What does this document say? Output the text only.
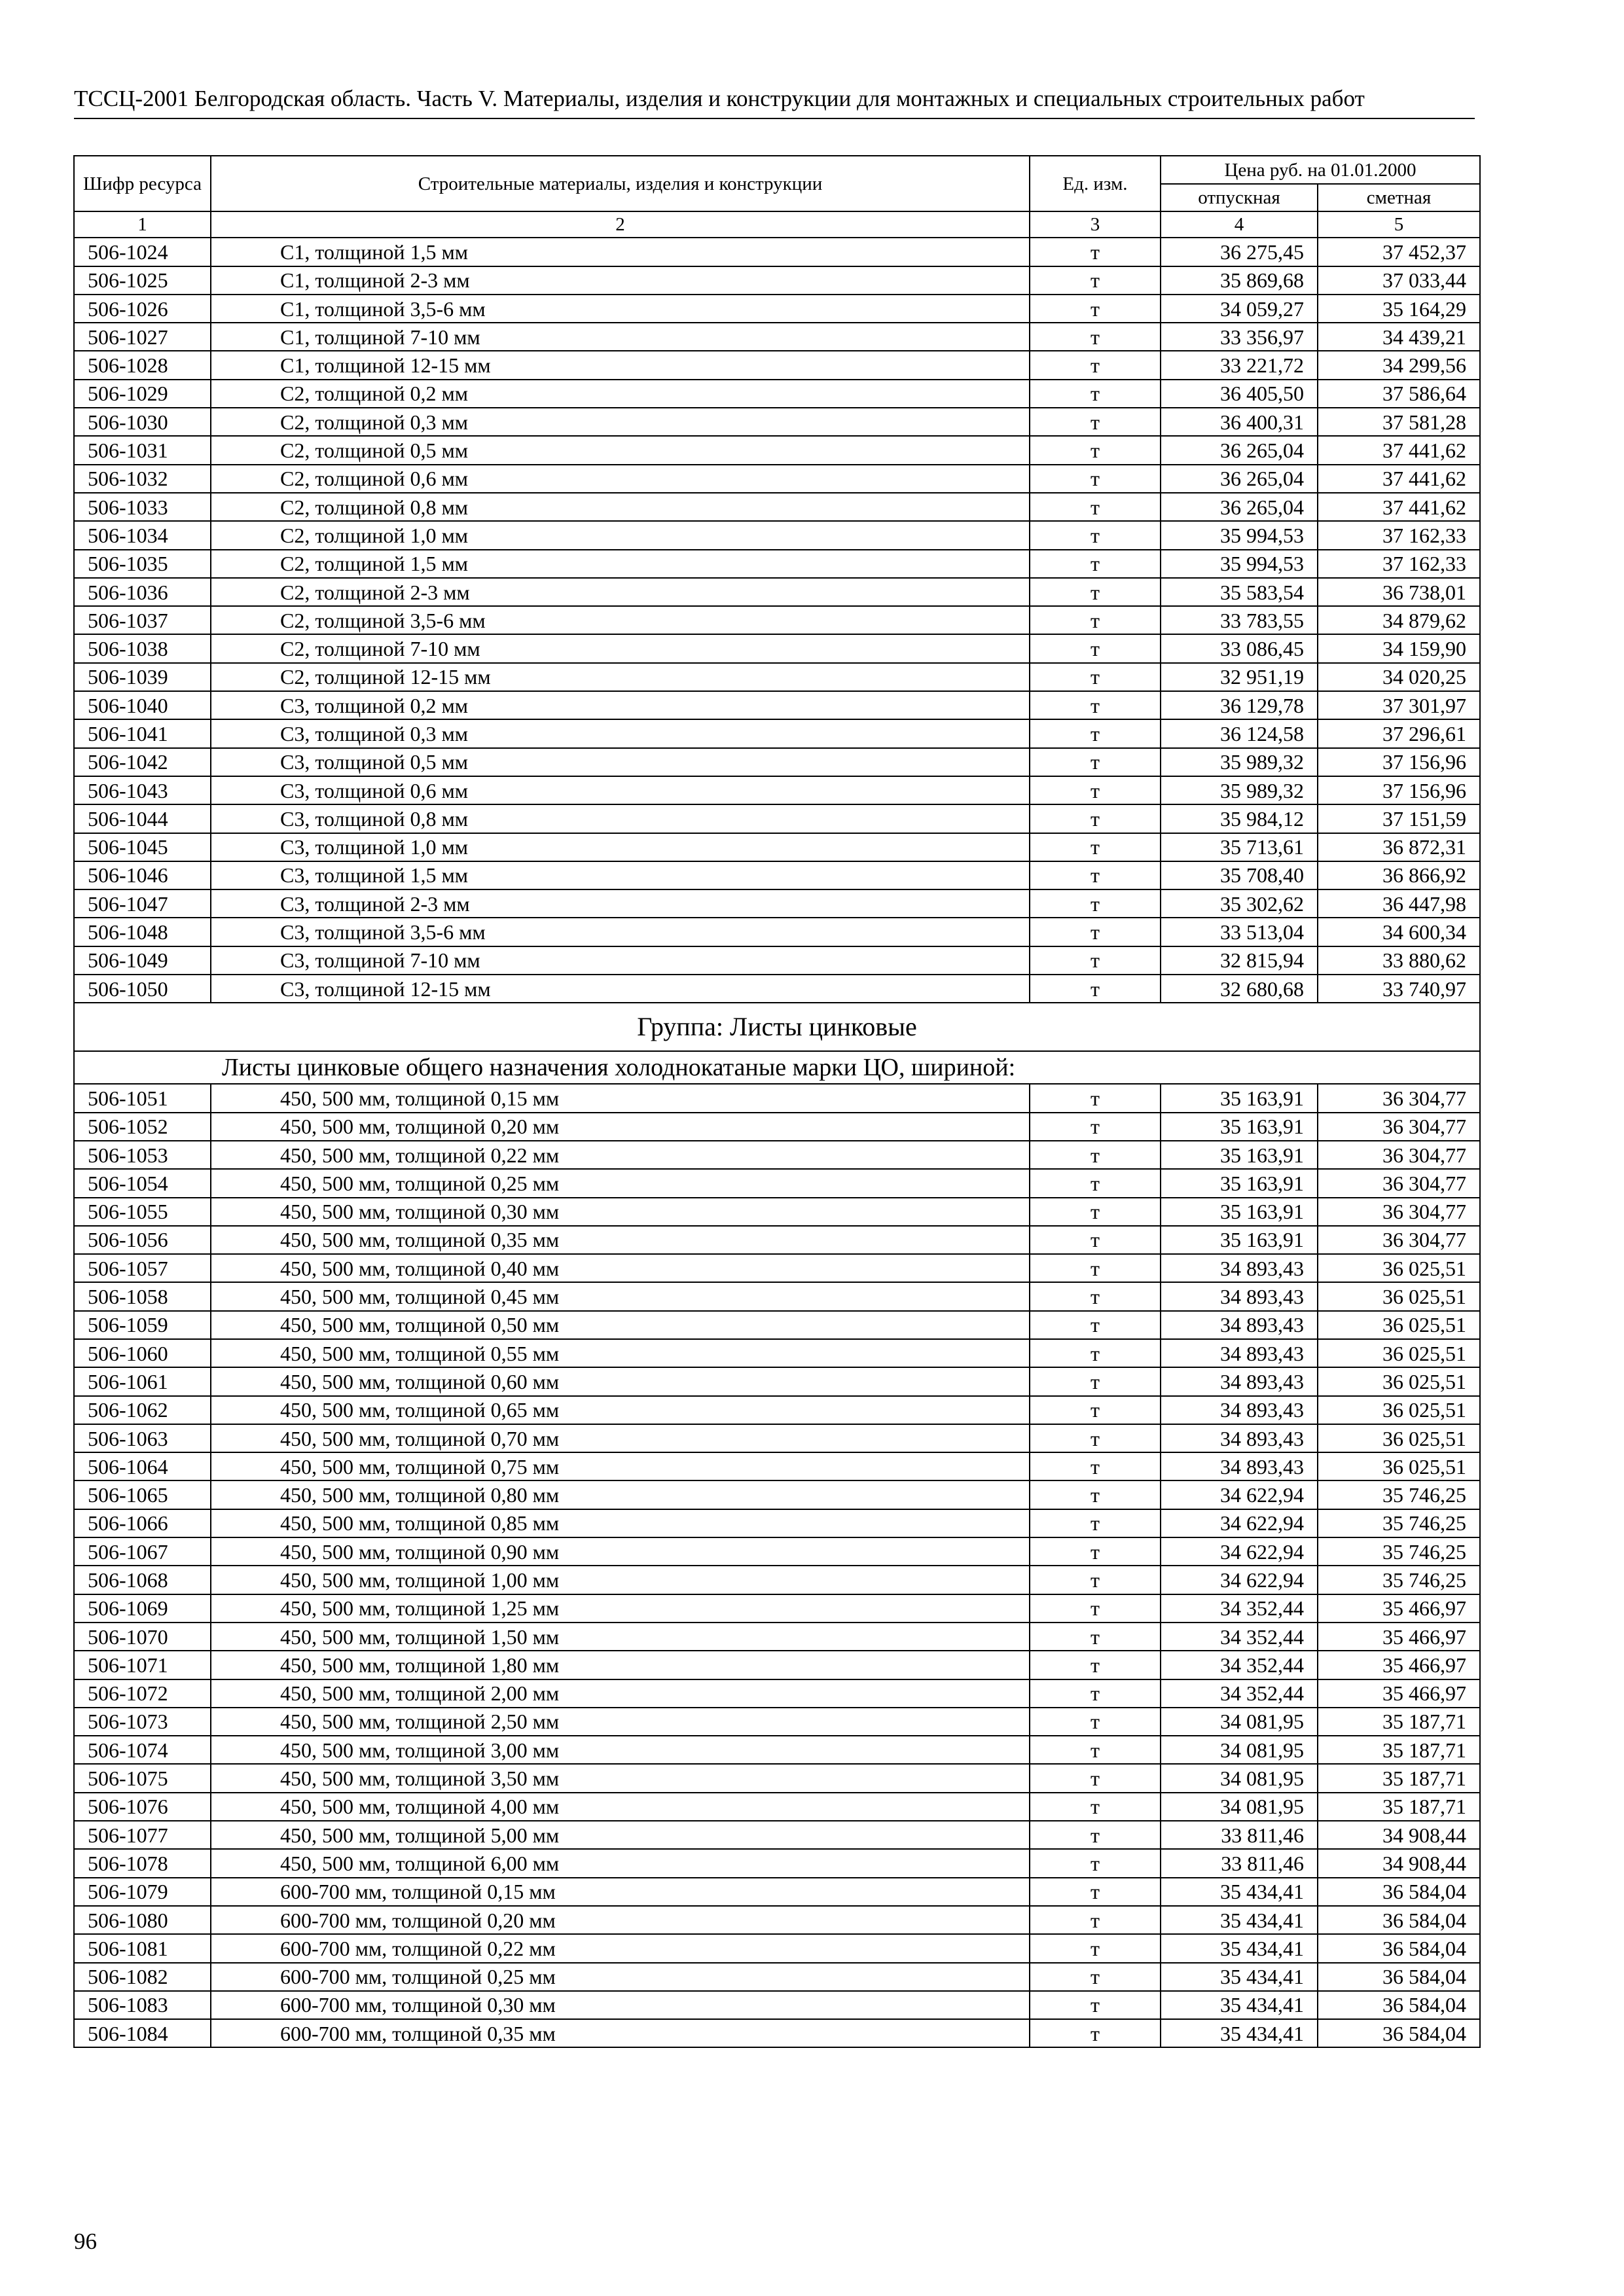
ТССЦ-2001 Белгородская область. Часть V. Материалы, изделия и конструкции для монтажных и специальных строительных работ
Шифр ресурса	Строительные материалы, изделия и конструкции	Ед. изм.	Цена руб. на 01.01.2000	
			отпускная	сметная
1	2	3	4	5
506-1024	С1, толщиной 1,5 мм	т	36 275,45	37 452,37
506-1025	С1, толщиной 2-3 мм	т	35 869,68	37 033,44
506-1026	С1, толщиной 3,5-6 мм	т	34 059,27	35 164,29
506-1027	С1, толщиной 7-10 мм	т	33 356,97	34 439,21
506-1028	С1, толщиной 12-15 мм	т	33 221,72	34 299,56
506-1029	С2, толщиной 0,2 мм	т	36 405,50	37 586,64
506-1030	С2, толщиной 0,3 мм	т	36 400,31	37 581,28
506-1031	С2, толщиной 0,5 мм	т	36 265,04	37 441,62
506-1032	С2, толщиной 0,6 мм	т	36 265,04	37 441,62
506-1033	С2, толщиной 0,8 мм	т	36 265,04	37 441,62
506-1034	С2, толщиной 1,0 мм	т	35 994,53	37 162,33
506-1035	С2, толщиной 1,5 мм	т	35 994,53	37 162,33
506-1036	С2, толщиной 2-3 мм	т	35 583,54	36 738,01
506-1037	С2, толщиной 3,5-6 мм	т	33 783,55	34 879,62
506-1038	С2, толщиной 7-10 мм	т	33 086,45	34 159,90
506-1039	С2, толщиной 12-15 мм	т	32 951,19	34 020,25
506-1040	С3, толщиной 0,2 мм	т	36 129,78	37 301,97
506-1041	С3, толщиной 0,3 мм	т	36 124,58	37 296,61
506-1042	С3, толщиной 0,5 мм	т	35 989,32	37 156,96
506-1043	С3, толщиной 0,6 мм	т	35 989,32	37 156,96
506-1044	С3, толщиной 0,8 мм	т	35 984,12	37 151,59
506-1045	С3, толщиной 1,0 мм	т	35 713,61	36 872,31
506-1046	С3, толщиной 1,5 мм	т	35 708,40	36 866,92
506-1047	С3, толщиной 2-3 мм	т	35 302,62	36 447,98
506-1048	С3, толщиной 3,5-6 мм	т	33 513,04	34 600,34
506-1049	С3, толщиной 7-10 мм	т	32 815,94	33 880,62
506-1050	С3, толщиной 12-15 мм	т	32 680,68	33 740,97
Группа: Листы цинковые				
Листы цинковые общего назначения холоднокатаные марки ЦО, шириной:				
506-1051	450, 500 мм, толщиной 0,15 мм	т	35 163,91	36 304,77
506-1052	450, 500 мм, толщиной 0,20 мм	т	35 163,91	36 304,77
506-1053	450, 500 мм, толщиной 0,22 мм	т	35 163,91	36 304,77
506-1054	450, 500 мм, толщиной 0,25 мм	т	35 163,91	36 304,77
506-1055	450, 500 мм, толщиной 0,30 мм	т	35 163,91	36 304,77
506-1056	450, 500 мм, толщиной 0,35 мм	т	35 163,91	36 304,77
506-1057	450, 500 мм, толщиной 0,40 мм	т	34 893,43	36 025,51
506-1058	450, 500 мм, толщиной 0,45 мм	т	34 893,43	36 025,51
506-1059	450, 500 мм, толщиной 0,50 мм	т	34 893,43	36 025,51
506-1060	450, 500 мм, толщиной 0,55 мм	т	34 893,43	36 025,51
506-1061	450, 500 мм, толщиной 0,60 мм	т	34 893,43	36 025,51
506-1062	450, 500 мм, толщиной 0,65 мм	т	34 893,43	36 025,51
506-1063	450, 500 мм, толщиной 0,70 мм	т	34 893,43	36 025,51
506-1064	450, 500 мм, толщиной 0,75 мм	т	34 893,43	36 025,51
506-1065	450, 500 мм, толщиной 0,80 мм	т	34 622,94	35 746,25
506-1066	450, 500 мм, толщиной 0,85 мм	т	34 622,94	35 746,25
506-1067	450, 500 мм, толщиной 0,90 мм	т	34 622,94	35 746,25
506-1068	450, 500 мм, толщиной 1,00 мм	т	34 622,94	35 746,25
506-1069	450, 500 мм, толщиной 1,25 мм	т	34 352,44	35 466,97
506-1070	450, 500 мм, толщиной 1,50 мм	т	34 352,44	35 466,97
506-1071	450, 500 мм, толщиной 1,80 мм	т	34 352,44	35 466,97
506-1072	450, 500 мм, толщиной 2,00 мм	т	34 352,44	35 466,97
506-1073	450, 500 мм, толщиной 2,50 мм	т	34 081,95	35 187,71
506-1074	450, 500 мм, толщиной 3,00 мм	т	34 081,95	35 187,71
506-1075	450, 500 мм, толщиной 3,50 мм	т	34 081,95	35 187,71
506-1076	450, 500 мм, толщиной 4,00 мм	т	34 081,95	35 187,71
506-1077	450, 500 мм, толщиной 5,00 мм	т	33 811,46	34 908,44
506-1078	450, 500 мм, толщиной 6,00 мм	т	33 811,46	34 908,44
506-1079	600-700 мм, толщиной 0,15 мм	т	35 434,41	36 584,04
506-1080	600-700 мм, толщиной 0,20 мм	т	35 434,41	36 584,04
506-1081	600-700 мм, толщиной 0,22 мм	т	35 434,41	36 584,04
506-1082	600-700 мм, толщиной 0,25 мм	т	35 434,41	36 584,04
506-1083	600-700 мм, толщиной 0,30 мм	т	35 434,41	36 584,04
506-1084	600-700 мм, толщиной 0,35 мм	т	35 434,41	36 584,04
96
